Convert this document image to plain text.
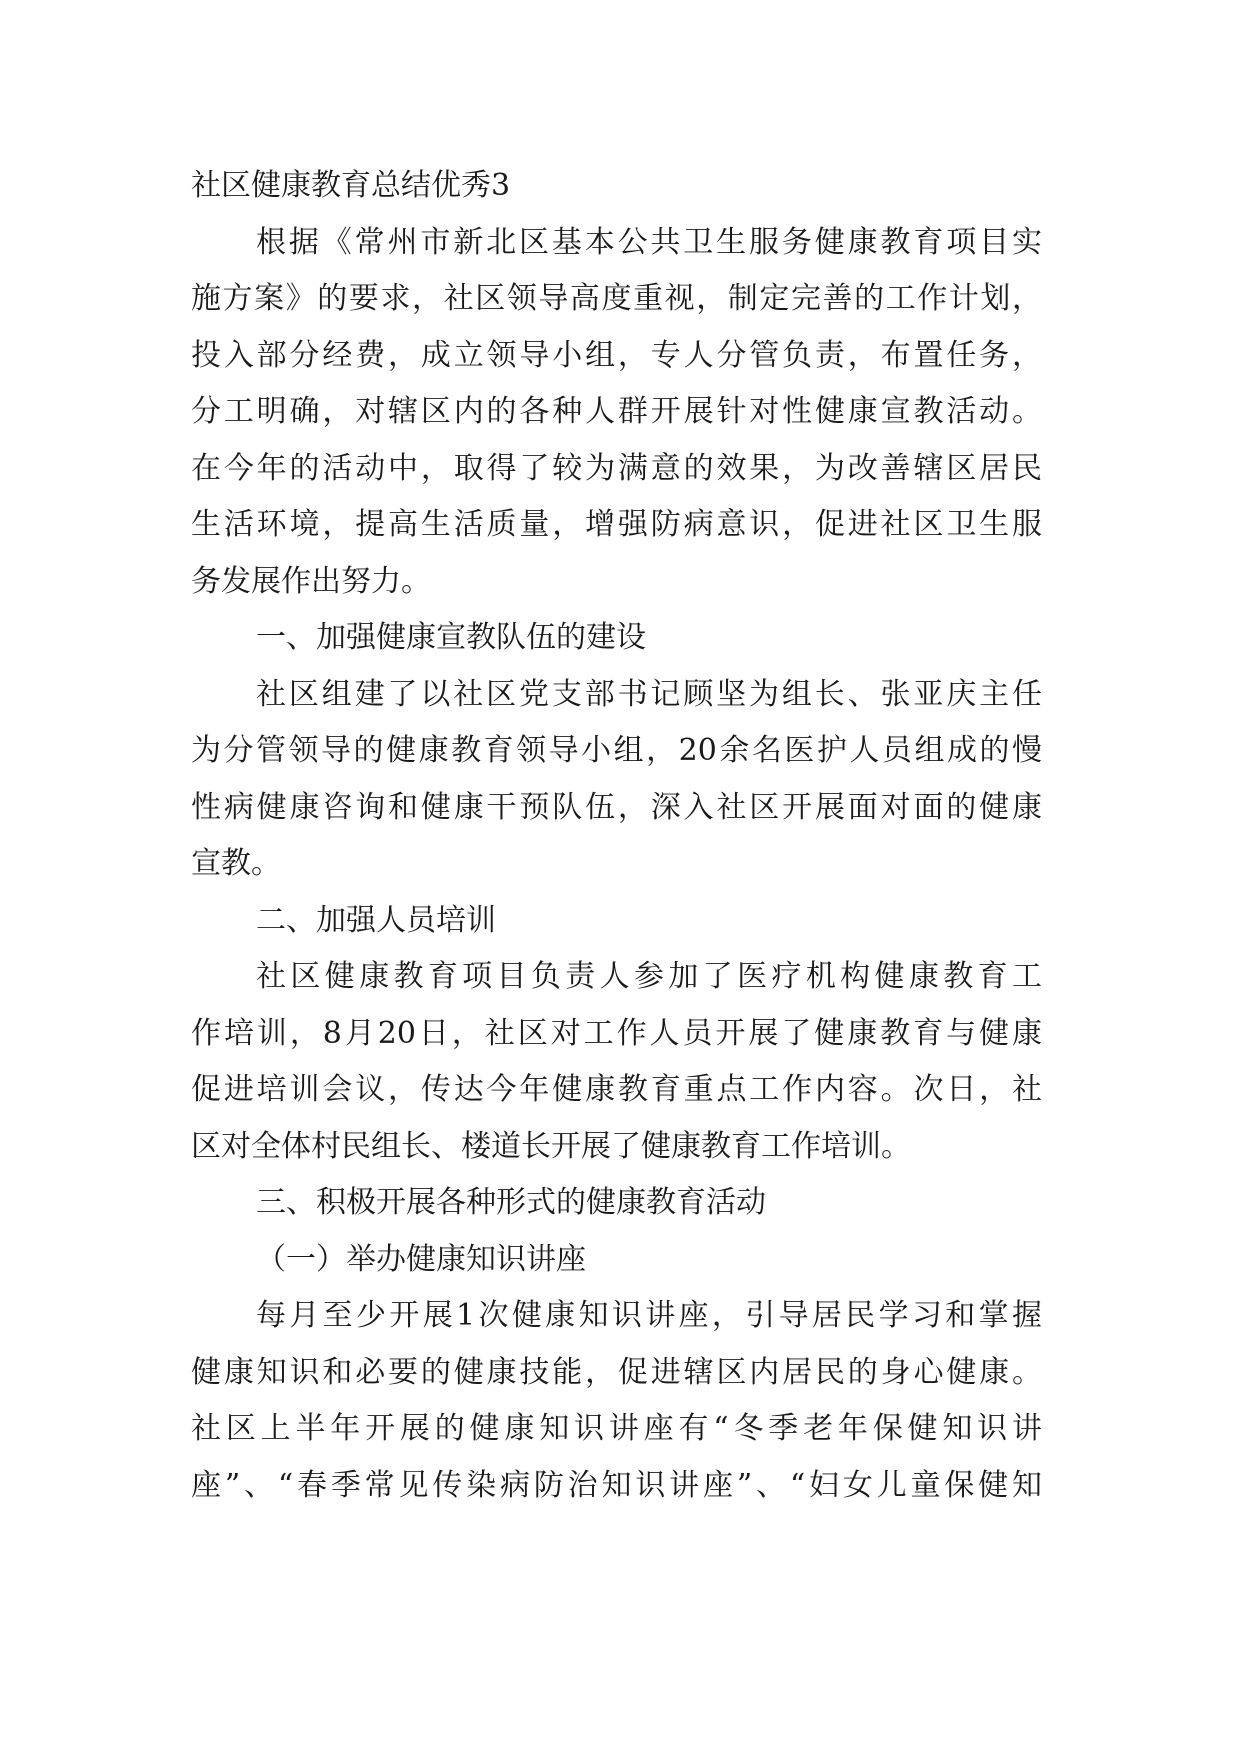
社区健康教育总结优秀3

根据《常州市新北区基本公共卫生服务健康教育项目实

施方案》的要求，社区领导高度重视，制定完善的工作计划，

投入部分经费，成立领导小组，专人分管负责，布置任务，

分工明确，对辖区内的各种人群开展针对性健康宣教活动。

在今年的活动中，取得了较为满意的效果，为改善辖区居民

生活环境，提高生活质量，增强防病意识，促进社区卫生服

务发展作出努力。

一、加强健康宣教队伍的建设

社区组建了以社区党支部书记顾坚为组长、张亚庆主任

为分管领导的健康教育领导小组，20余名医护人员组成的慢

性病健康咨询和健康干预队伍，深入社区开展面对面的健康

宣教。

二、加强人员培训

社区健康教育项目负责人参加了医疗机构健康教育工

作培训，8月20日，社区对工作人员开展了健康教育与健康

促进培训会议，传达今年健康教育重点工作内容。次日，社

区对全体村民组长、楼道长开展了健康教育工作培训。

三、积极开展各种形式的健康教育活动

（一）举办健康知识讲座

每月至少开展1次健康知识讲座，引导居民学习和掌握

健康知识和必要的健康技能，促进辖区内居民的身心健康。

社区上半年开展的健康知识讲座有“冬季老年保健知识讲

座”、“春季常见传染病防治知识讲座”、“妇女儿童保健知
